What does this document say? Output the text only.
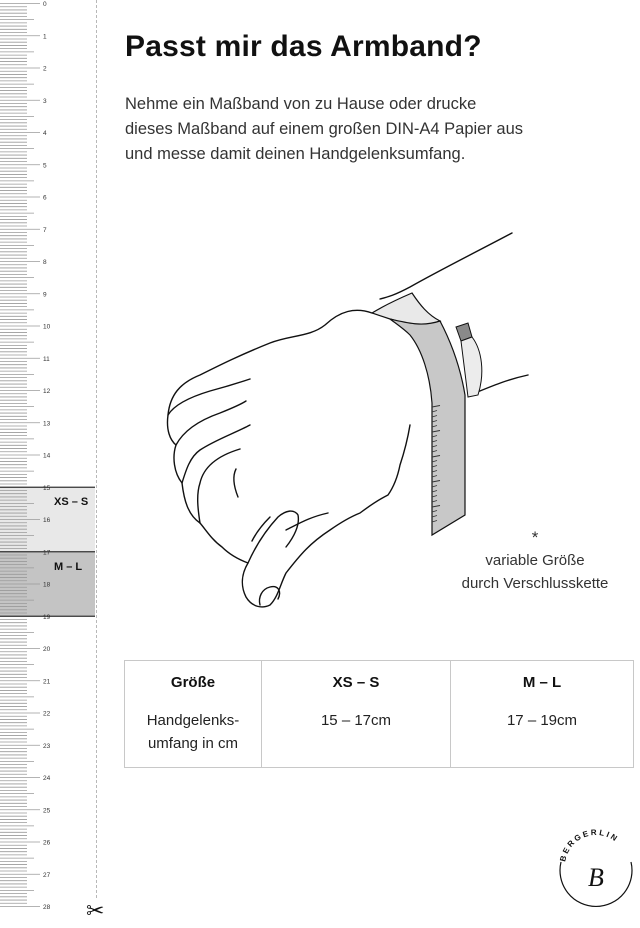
XS – S
M – L
0
1
2
3
4
5
6
7
8
9
10
11
12
13
14
15
16
17
18
19
20
21
22
23
24
25
26
27
28 ✂
Passt mir das Armband?
Nehme ein Maßband von zu Hause oder drucke
dieses Maßband auf einem großen DIN-A4 Papier aus
und messe damit deinen Handgelenksumfang.
*
variable Größe
durch Verschlusskette
Größe	XS – S	M – L

Handgelenks-
umfang in cm	15 – 17cm	17 – 19cm
BERGERLIN
B
